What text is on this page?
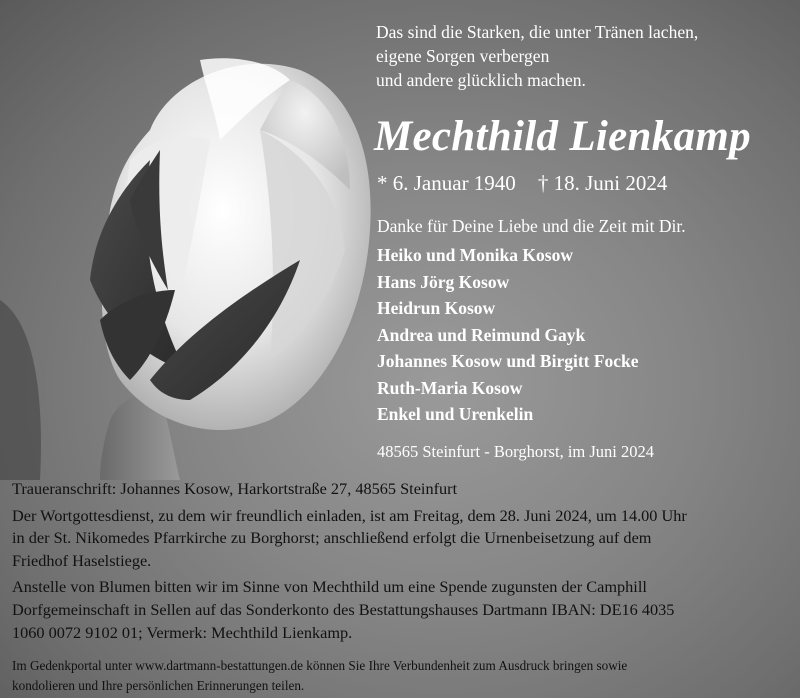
Das sind die Starken, die unter Tränen lachen,
eigene Sorgen verbergen
und andere glücklich machen.
Mechthild Lienkamp
* 6. Januar 1940 † 18. Juni 2024
Danke für Deine Liebe und die Zeit mit Dir.
Heiko und Monika Kosow
Hans Jörg Kosow
Heidrun Kosow
Andrea und Reimund Gayk
Johannes Kosow und Birgitt Focke
Ruth-Maria Kosow
Enkel und Urenkelin
48565 Steinfurt - Borghorst, im Juni 2024

Traueranschrift: Johannes Kosow, Harkortstraße 27, 48565 Steinfurt

Der Wortgottesdienst, zu dem wir freundlich einladen, ist am Freitag, dem 28. Juni 2024, um 14.00 Uhr
in der St. Nikomedes Pfarrkirche zu Borghorst; anschließend erfolgt die Urnenbeisetzung auf dem
Friedhof Haselstiege.
Anstelle von Blumen bitten wir im Sinne von Mechthild um eine Spende zugunsten der Camphill
Dorfgemeinschaft in Sellen auf das Sonderkonto des Bestattungshauses Dartmann IBAN: DE16 4035
1060 0072 9102 01; Vermerk: Mechthild Lienkamp.
Im Gedenkportal unter www.dartmann-bestattungen.de können Sie Ihre Verbundenheit zum Ausdruck bringen sowie
kondolieren und Ihre persönlichen Erinnerungen teilen.
